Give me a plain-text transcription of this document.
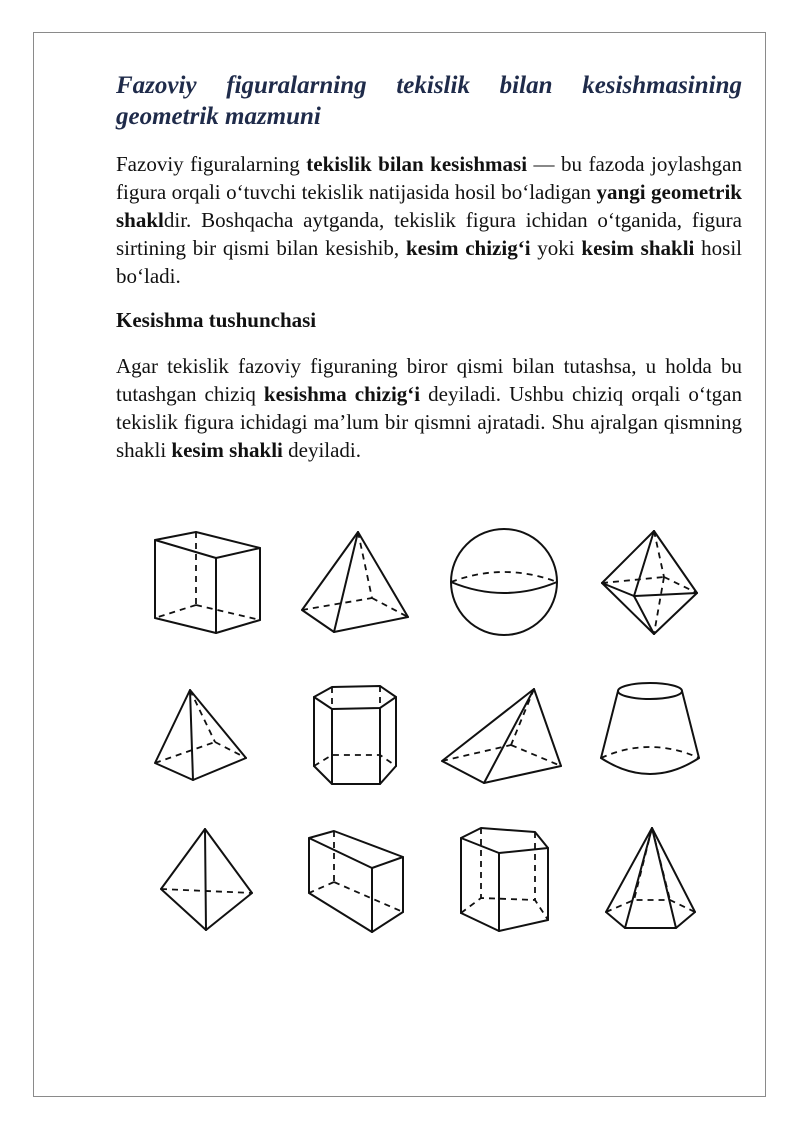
Fazoviy figuralarning tekislik bilan kesishmasining geometrik mazmuni

Fazoviy figuralarning tekislik bilan kesishmasi — bu fazoda joylashgan figura orqali o‘tuvchi tekislik natijasida hosil bo‘ladigan yangi geometrik shakldir. Boshqacha aytganda, tekislik figura ichidan o‘tganida, figura sirtining bir qismi bilan kesishib, kesim chizig‘i yoki kesim shakli hosil bo‘ladi.

Kesishma tushunchasi

Agar tekislik fazoviy figuraning biror qismi bilan tutashsa, u holda bu tutashgan chiziq kesishma chizig‘i deyiladi. Ushbu chiziq orqali o‘tgan tekislik figura ichidagi ma’lum bir qismni ajratadi. Shu ajralgan qismning shakli kesim shakli deyiladi.
